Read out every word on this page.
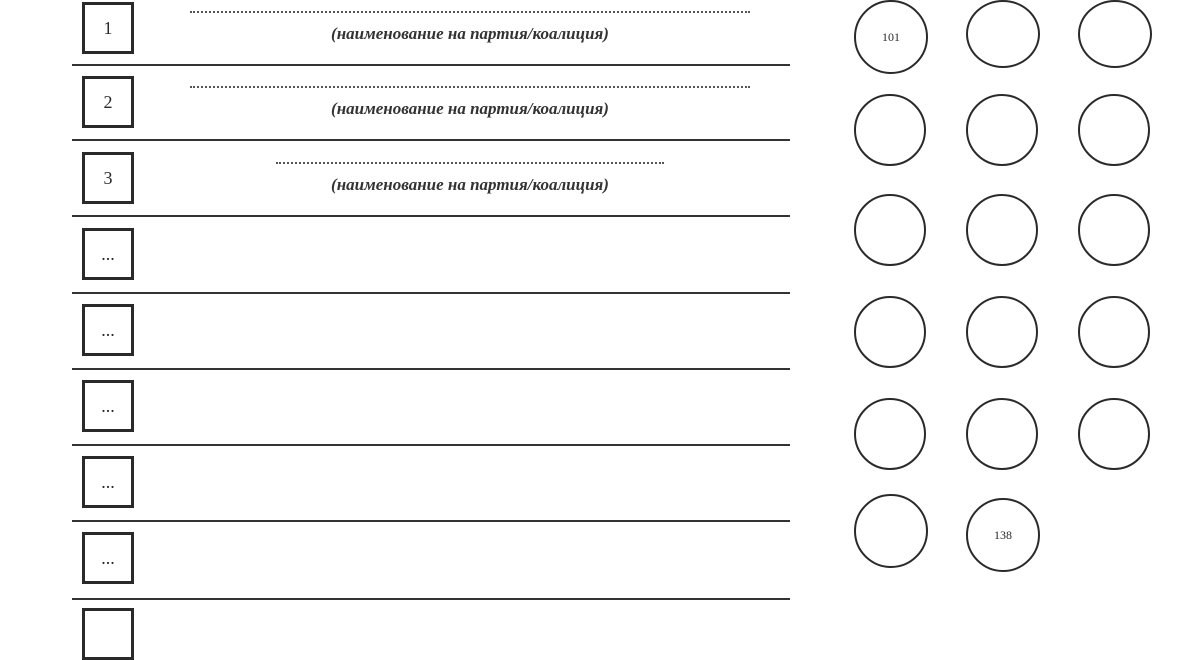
1	(наименование на партия/коалиция)
2	(наименование на партия/коалиция)
3	(наименование на партия/коалиция)
...
...
...
...
...
101
138
